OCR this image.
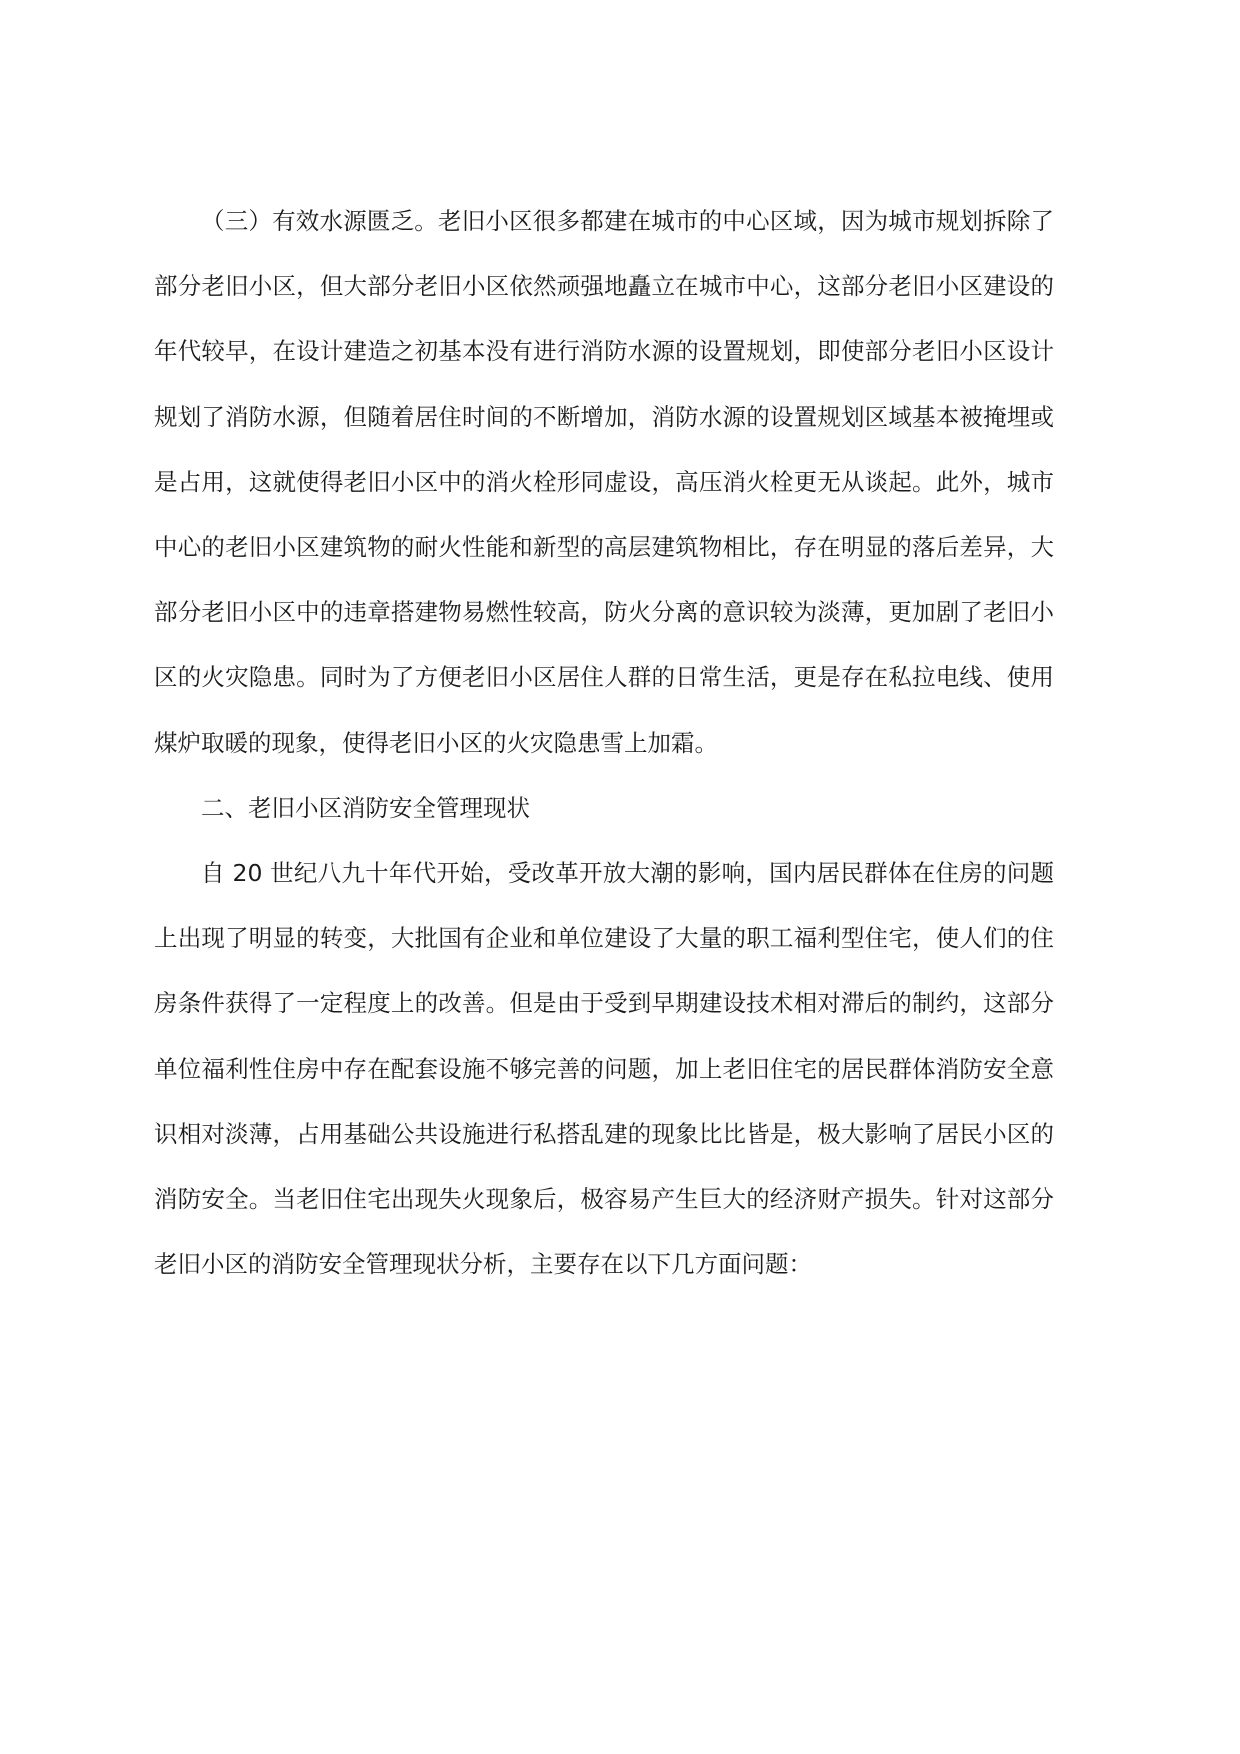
（三）有效水源匮乏。老旧小区很多都建在城市的中心区域，因为城市规划拆除了部分老旧小区，但大部分老旧小区依然顽强地矗立在城市中心，这部分老旧小区建设的年代较早，在设计建造之初基本没有进行消防水源的设置规划，即使部分老旧小区设计规划了消防水源，但随着居住时间的不断增加，消防水源的设置规划区域基本被掩埋或是占用，这就使得老旧小区中的消火栓形同虚设，高压消火栓更无从谈起。此外，城市中心的老旧小区建筑物的耐火性能和新型的高层建筑物相比，存在明显的落后差异，大部分老旧小区中的违章搭建物易燃性较高，防火分离的意识较为淡薄，更加剧了老旧小区的火灾隐患。同时为了方便老旧小区居住人群的日常生活，更是存在私拉电线、使用煤炉取暖的现象，使得老旧小区的火灾隐患雪上加霜。

二、老旧小区消防安全管理现状

自 20 世纪八九十年代开始，受改革开放大潮的影响，国内居民群体在住房的问题上出现了明显的转变，大批国有企业和单位建设了大量的职工福利型住宅，使人们的住房条件获得了一定程度上的改善。但是由于受到早期建设技术相对滞后的制约，这部分单位福利性住房中存在配套设施不够完善的问题，加上老旧住宅的居民群体消防安全意识相对淡薄，占用基础公共设施进行私搭乱建的现象比比皆是，极大影响了居民小区的消防安全。当老旧住宅出现失火现象后，极容易产生巨大的经济财产损失。针对这部分老旧小区的消防安全管理现状分析，主要存在以下几方面问题：
